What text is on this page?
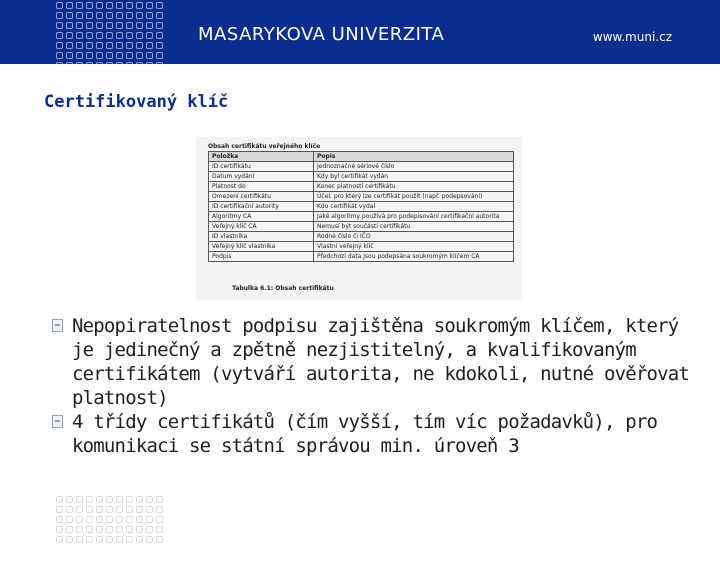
MASARYKOVA UNIVERZITA	www.muni.cz
Certifikovaný klíč
Obsah certifikátu veřejného klíče
Položka	Popis
ID certifikátu	Jednoznačné sériové číslo
Datum vydání	Kdy byl certifikát vydán
Platnost do	Konec platnosti certifikátu
Omezení certifikátu	Účel, pro který lze certifikát použít (např. podepsování)
ID certifikační autority	Kdo certifikát vydal
Algoritmy CA	Jaké algoritmy používá pro podepisování certifikační autorita
Veřejný klíč CA	Nemusí být součástí certifikátu
ID vlastníka	Rodné číslo či IČO
Veřejný klíč vlastníka	Vlastní veřejný klíč
Podpis	Předchozí data jsou podepsána soukromým klíčem CA
Tabulka 6.1: Obsah certifikátu
Nepopiratelnost podpisu zajištěna soukromým klíčem, který je jedinečný a zpětně nezjistitelný, a kvalifikovaným certifikátem (vytváří autorita, ne kdokoli, nutné ověřovat platnost)
4 třídy certifikátů (čím vyšší, tím víc požadavků), pro komunikaci se státní správou min. úroveň 3
